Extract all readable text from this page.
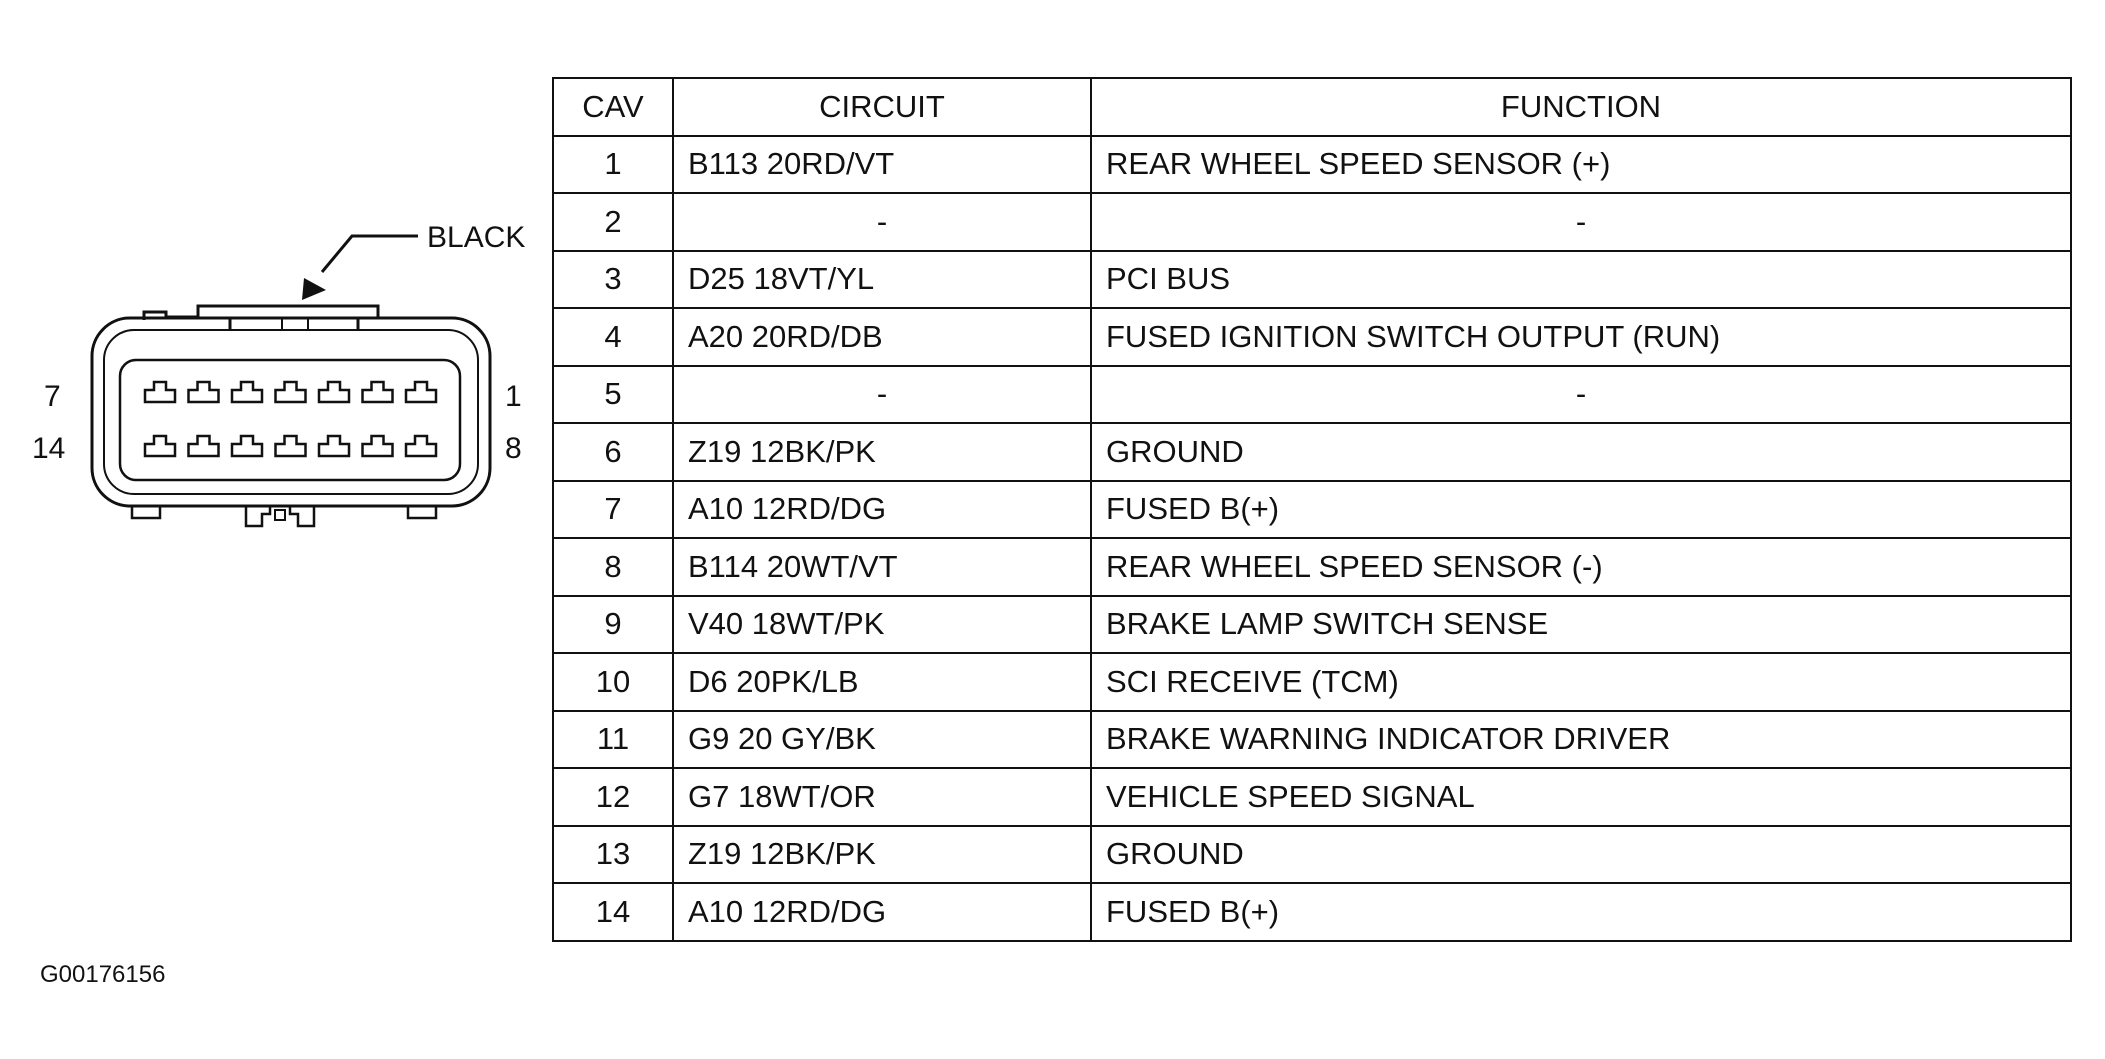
BLACK
7	1
14	8
CAV	CIRCUIT	FUNCTION
1	B113 20RD/VT	REAR WHEEL SPEED SENSOR (+)
2	-	-
3	D25 18VT/YL	PCI BUS
4	A20 20RD/DB	FUSED IGNITION SWITCH OUTPUT (RUN)
5	-	-
6	Z19 12BK/PK	GROUND
7	A10 12RD/DG	FUSED B(+)
8	B114 20WT/VT	REAR WHEEL SPEED SENSOR (-)
9	V40 18WT/PK	BRAKE LAMP SWITCH SENSE
10	D6 20PK/LB	SCI RECEIVE (TCM)
11	G9 20 GY/BK	BRAKE WARNING INDICATOR DRIVER
12	G7 18WT/OR	VEHICLE SPEED SIGNAL
13	Z19 12BK/PK	GROUND
14	A10 12RD/DG	FUSED B(+)
G00176156
